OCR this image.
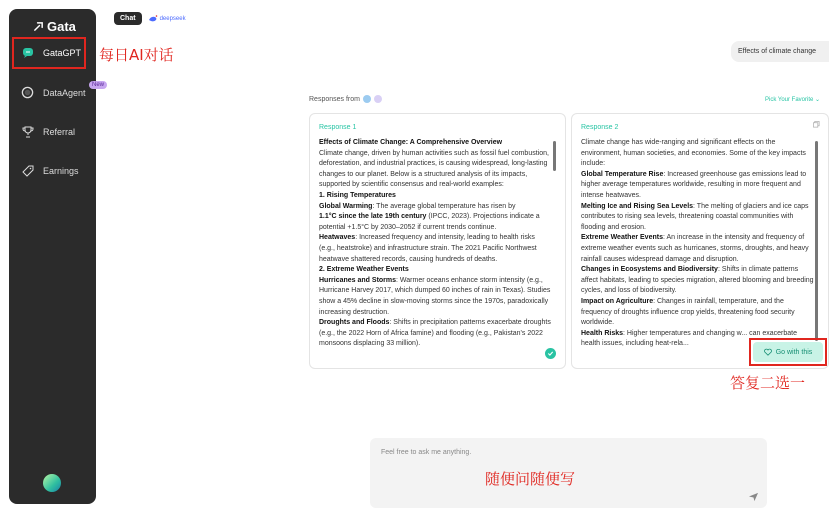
Gata
GataGPT
DataAgent
New
Referral
Earnings
每日AI对话
Chat	deepseek
Effects of climate change
Responses from	Pick Your Favorite ⌄
Response 1

Effects of Climate Change: A Comprehensive Overview

Climate change, driven by human activities such as fossil fuel combustion, deforestation, and industrial practices, is causing widespread, long-lasting changes to our planet. Below is a structured analysis of its impacts, supported by scientific consensus and real-world examples:

1. Rising Temperatures

Global Warming: The average global temperature has risen by

1.1°C since the late 19th century (IPCC, 2023). Projections indicate a potential +1.5°C by 2030–2052 if current trends continue.

Heatwaves: Increased frequency and intensity, leading to health risks (e.g., heatstroke) and infrastructure strain. The 2021 Pacific Northwest heatwave shattered records, causing hundreds of deaths.

2. Extreme Weather Events

Hurricanes and Storms: Warmer oceans enhance storm intensity (e.g., Hurricane Harvey 2017, which dumped 60 inches of rain in Texas). Studies show a 45% decline in slow-moving storms since the 1970s, paradoxically increasing destruction.

Droughts and Floods: Shifts in precipitation patterns exacerbate droughts (e.g., the 2022 Horn of Africa famine) and flooding (e.g., Pakistan's 2022 monsoons displacing 33 million).

Response 2

Climate change has wide-ranging and significant effects on the environment, human societies, and economies. Some of the key impacts include:

Global Temperature Rise: Increased greenhouse gas emissions lead to higher average temperatures worldwide, resulting in more frequent and intense heatwaves.

Melting Ice and Rising Sea Levels: The melting of glaciers and ice caps contributes to rising sea levels, threatening coastal communities with flooding and erosion.

Extreme Weather Events: An increase in the intensity and frequency of extreme weather events such as hurricanes, storms, droughts, and heavy rainfall causes widespread damage and disruption.

Changes in Ecosystems and Biodiversity: Shifts in climate patterns affect habitats, leading to species migration, altered blooming and breeding cycles, and loss of biodiversity.

Impact on Agriculture: Changes in rainfall, temperature, and the frequency of droughts influence crop yields, threatening food security worldwide.

Health Risks: Higher temperatures and changing w... can exacerbate health issues, including heat-rela...

Go with this
答复二选一
Feel free to ask me anything.
随便问随便写
